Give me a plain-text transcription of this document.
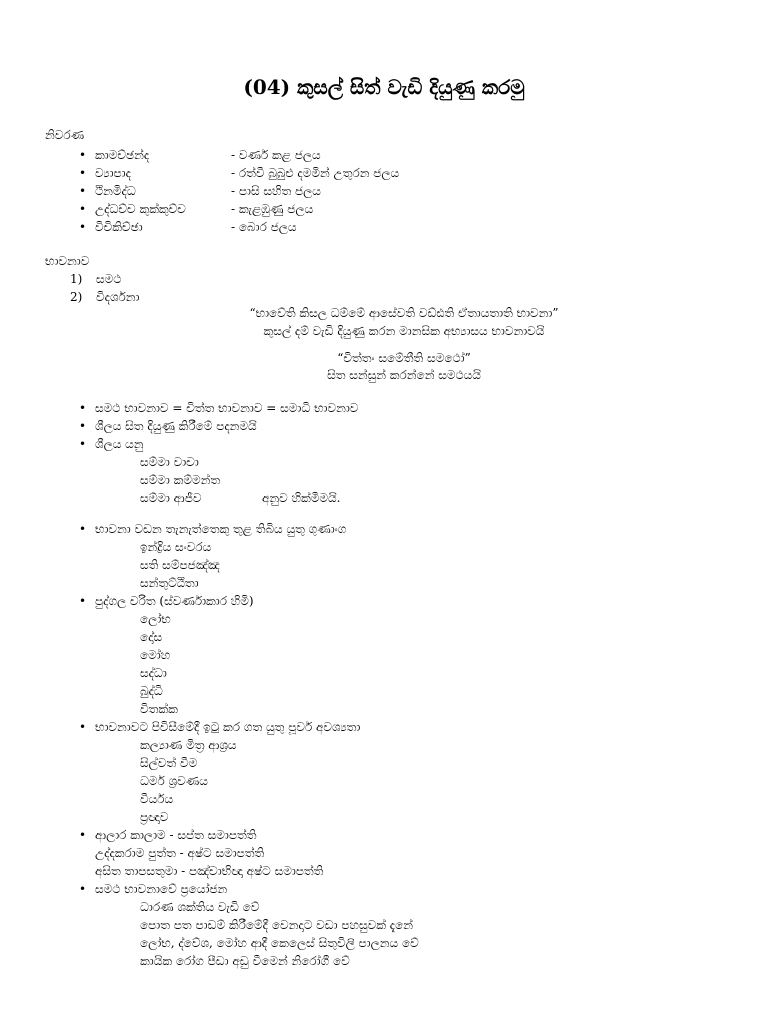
(04) කුසල් සිත් වැඩි දියුණු කරමු
නිවරණ
• කාමච්ඡන්ද	- වර්ණ කළ ජලය
• ව්‍යාපාද	- රත්වී බුබුළු දමමින් උතුරන ජලය
• ථිනමිද්ධ	- පාසි සහිත ජලය
• උද්ධච්ච කුක්කුච්ච	- කැළඹුණු ජලය
• විචිකිච්ඡා	- බොර ජලය
භාවනාව
1) සමථ
2) විදර්ශනා
“භාවේති කිසල ධම්මේ ආසේවති වඩ්ඪති ඒතායතාති භාවනා”
කුසල් දම් වැඩි දියුණු කරන මානසික අභ්‍යාසය භාවනාවයි
“චිත්තං සමේතීති සමථෝ”
සිත සන්සුන් කරන්නේ සමථයයි
• සමථ භාවනාව = චිත්ත භාවනාව = සමාධි භාවනාව
• ශීලය සිත දියුණු කිරීමේ පදනමයි
• ශීලය යනු
සම්මා වාචා
සම්මා කම්මන්ත
සම්මා ආජීව	අනුව හික්මීමයි.
• භාවනා වඩන තැනැත්තෙකු තුළ තිබිය යුතු ගුණාංග
ඉන්ද්‍රිය සංවරය
සති සම්පජඤ්ඤ
සන්තුට්ඨිතා
• පුද්ගල චරිත (ස්වර්ණාකාර හිමි)
ලෝභ
දෝස
මෝහ
සද්ධා
බුද්ධි
විතක්ක
• භාවනාවට පිවිසීමේදී ඉටු කර ගත යුතු පූර්ව අවශ්‍යතා
කල්‍යාණ මිත්‍ර ආශ්‍රය
සිල්වත් වීම
ධර්ම ශ්‍රවණය
වීර්යය
ප්‍රඥාව
• ආලාර කාලාම - සප්ත සමාපත්ති
උද්දකරාම පුත්ත - අෂ්ට සමාපත්ති
අසිත තාපසතුමා - පඤ්චාභිඥා අෂ්ට සමාපත්ති
• සමථ භාවනාවේ ප්‍රයෝජන
ධාරණ ශක්තිය වැඩි වේ
පොත පත පාඩම් කිරීමේදී වෙනදාට වඩා පහසුවක් දැනේ
ලෝභ, ද්වේශ, මෝහ ආදී කෙලෙස් සිතුවිලි පාලනය වේ
කායික රෝග පීඩා අඩු වීමෙන් නිරෝගී වේ
